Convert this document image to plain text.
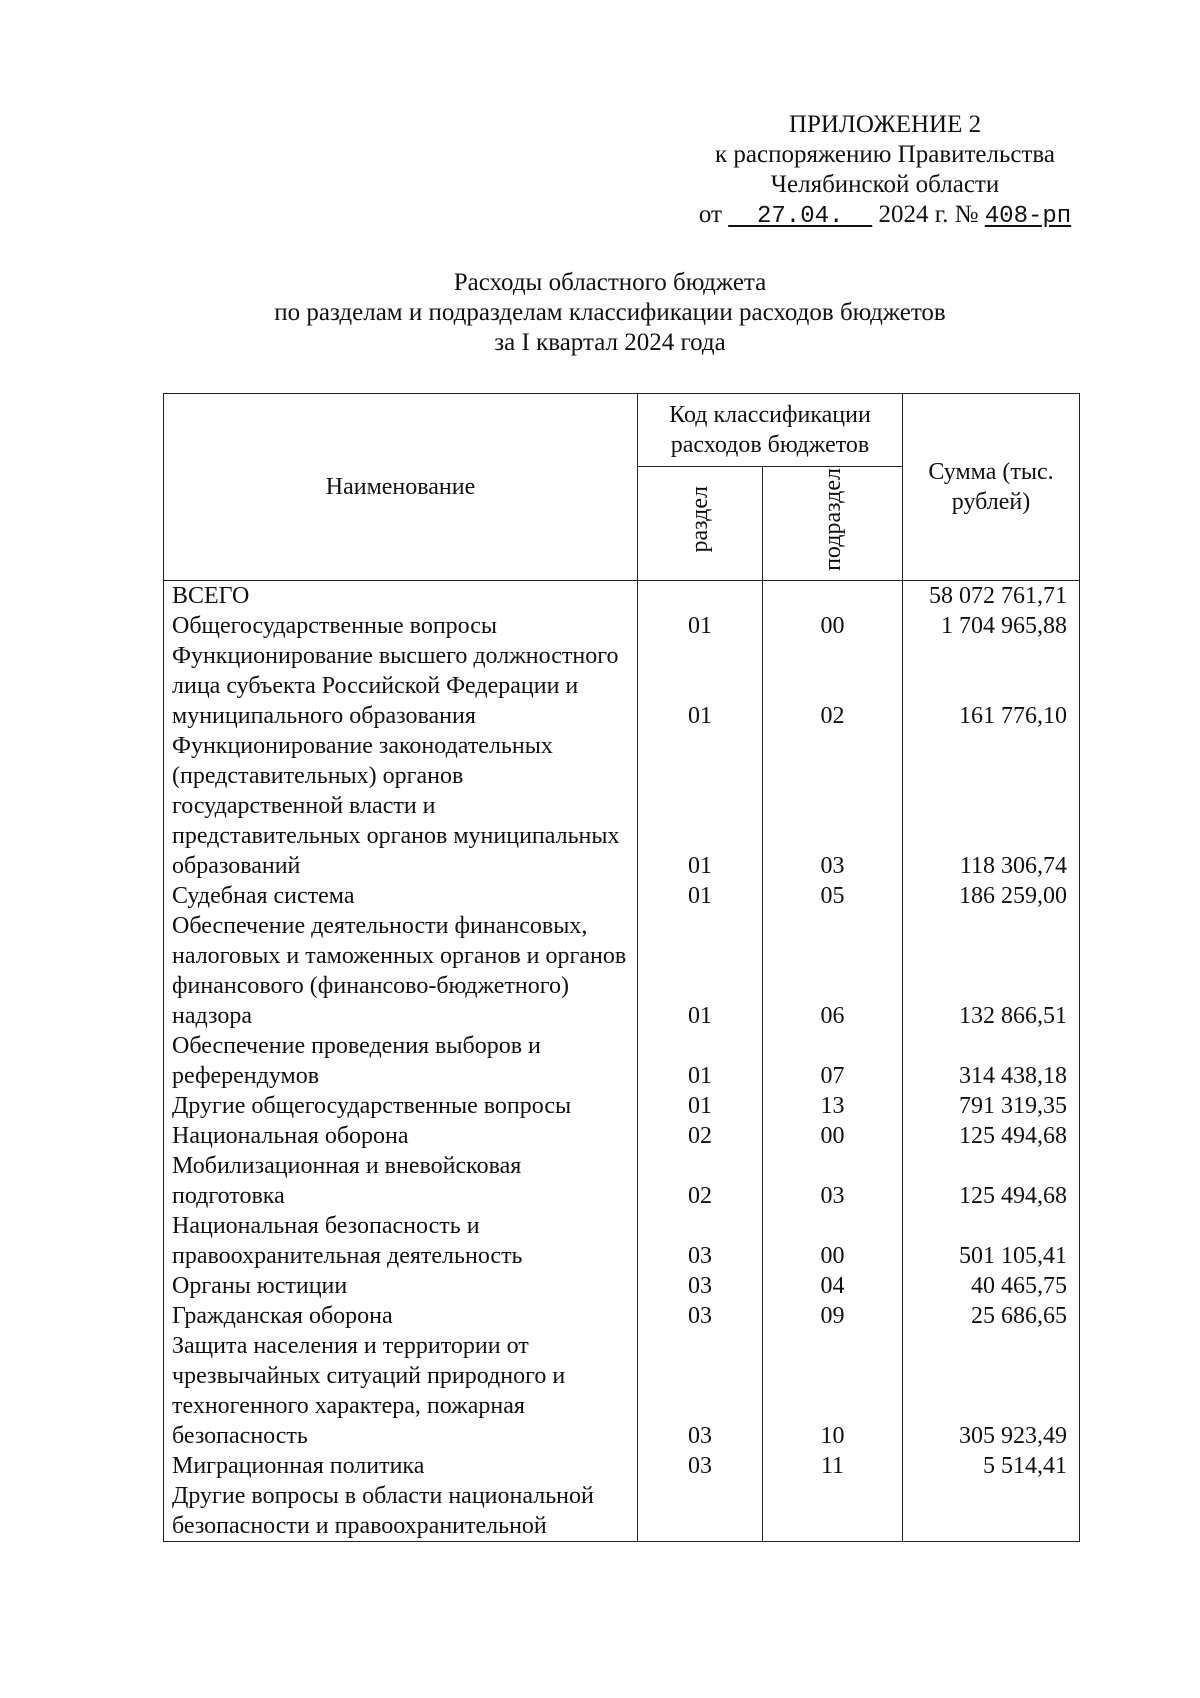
ПРИЛОЖЕНИЕ 2
к распоряжению Правительства
Челябинской области
от 27.04. 2024 г. № 408-рп
Расходы областного бюджета
по разделам и подразделам классификации расходов бюджетов
за I квартал 2024 года
Наименование	Код классификации расходов бюджетов		Сумма (тыс. рублей)
	раздел	подраздел	
ВСЕГО			58 072 761,71
Общегосударственные вопросы	01	00	1 704 965,88
Функционирование высшего должностного лица субъекта Российской Федерации и муниципального образования	01	02	161 776,10
Функционирование законодательных (представительных) органов государственной власти и представительных органов муниципальных образований	01	03	118 306,74
Судебная система	01	05	186 259,00
Обеспечение деятельности финансовых, налоговых и таможенных органов и органов финансового (финансово-бюджетного) надзора	01	06	132 866,51
Обеспечение проведения выборов и референдумов	01	07	314 438,18
Другие общегосударственные вопросы	01	13	791 319,35
Национальная оборона	02	00	125 494,68
Мобилизационная и вневойсковая подготовка	02	03	125 494,68
Национальная безопасность и правоохранительная деятельность	03	00	501 105,41
Органы юстиции	03	04	40 465,75
Гражданская оборона	03	09	25 686,65
Защита населения и территории от чрезвычайных ситуаций природного и техногенного характера, пожарная безопасность	03	10	305 923,49
Миграционная политика	03	11	5 514,41
Другие вопросы в области национальной безопасности и правоохранительной			
